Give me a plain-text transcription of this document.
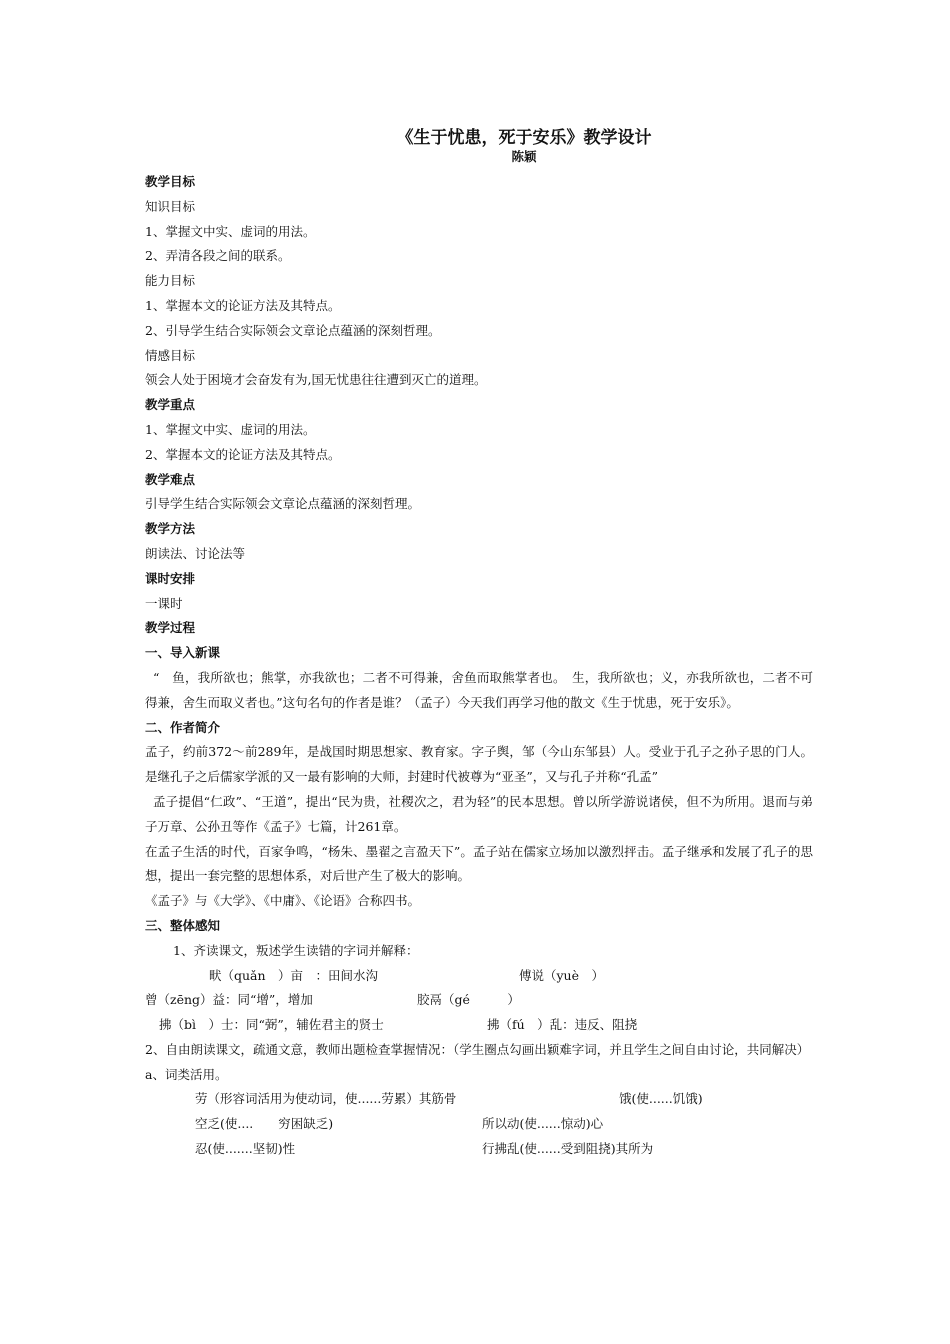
《生于忧患，死于安乐》教学设计

陈颖

教学目标

知识目标

1、掌握文中实、虚词的用法。

2、弄清各段之间的联系。

能力目标

1、掌握本文的论证方法及其特点。

2、引导学生结合实际领会文章论点蕴涵的深刻哲理。

情感目标

领会人处于困境才会奋发有为,国无忧患往往遭到灭亡的道理。

教学重点

1、掌握文中实、虚词的用法。

2、掌握本文的论证方法及其特点。

教学难点

引导学生结合实际领会文章论点蕴涵的深刻哲理。

教学方法

朗读法、讨论法等

课时安排

一课时

教学过程

一、导入新课

“　鱼，我所欲也；熊掌，亦我欲也；二者不可得兼，舍鱼而取熊掌者也。　生，我所欲也；义，亦我所欲也，二者不可得兼，舍生而取义者也。”这句名句的作者是谁？（孟子）今天我们再学习他的散文《生于忧患，死于安乐》。

二、作者简介

孟子，约前372～前289年，是战国时期思想家、教育家。字子舆，邹（今山东邹县）人。受业于孔子之孙子思的门人。是继孔子之后儒家学派的又一最有影响的大师，封建时代被尊为“亚圣”，又与孔子并称“孔孟”

孟子提倡“仁政”、“王道”，提出“民为贵，社稷次之，君为轻”的民本思想。曾以所学游说诸侯，但不为所用。退而与弟子万章、公孙丑等作《孟子》七篇，计261章。

在孟子生活的时代，百家争鸣，“杨朱、墨翟之言盈天下”。孟子站在儒家立场加以激烈抨击。孟子继承和发展了孔子的思想，提出一套完整的思想体系，对后世产生了极大的影响。

《孟子》与《大学》、《中庸》、《论语》合称四书。

三、整体感知

1、齐读课文，叛述学生读错的字词并解释：

畎（quǎn　）亩　：田间水沟	傅说（yuè　）
曾（zēng）益：同“增”，增加	胶鬲（gé　　　）
拂（bì　）士：同“弼”，辅佐君主的贤士	拂（fú　）乱：违反、阻挠

2、自由朗读课文，疏通文意，教师出题检查掌握情况：（学生圈点勾画出颖难字词，并且学生之间自由讨论，共同解决）

a、词类活用。

劳（形容词活用为使动词，使......劳累）其筋骨	饿(使......饥饿)
空乏(使....　　穷困缺乏)	所以动(使......惊动)心
忍(使.......坚韧)性	行拂乱(使......受到阻挠)其所为
